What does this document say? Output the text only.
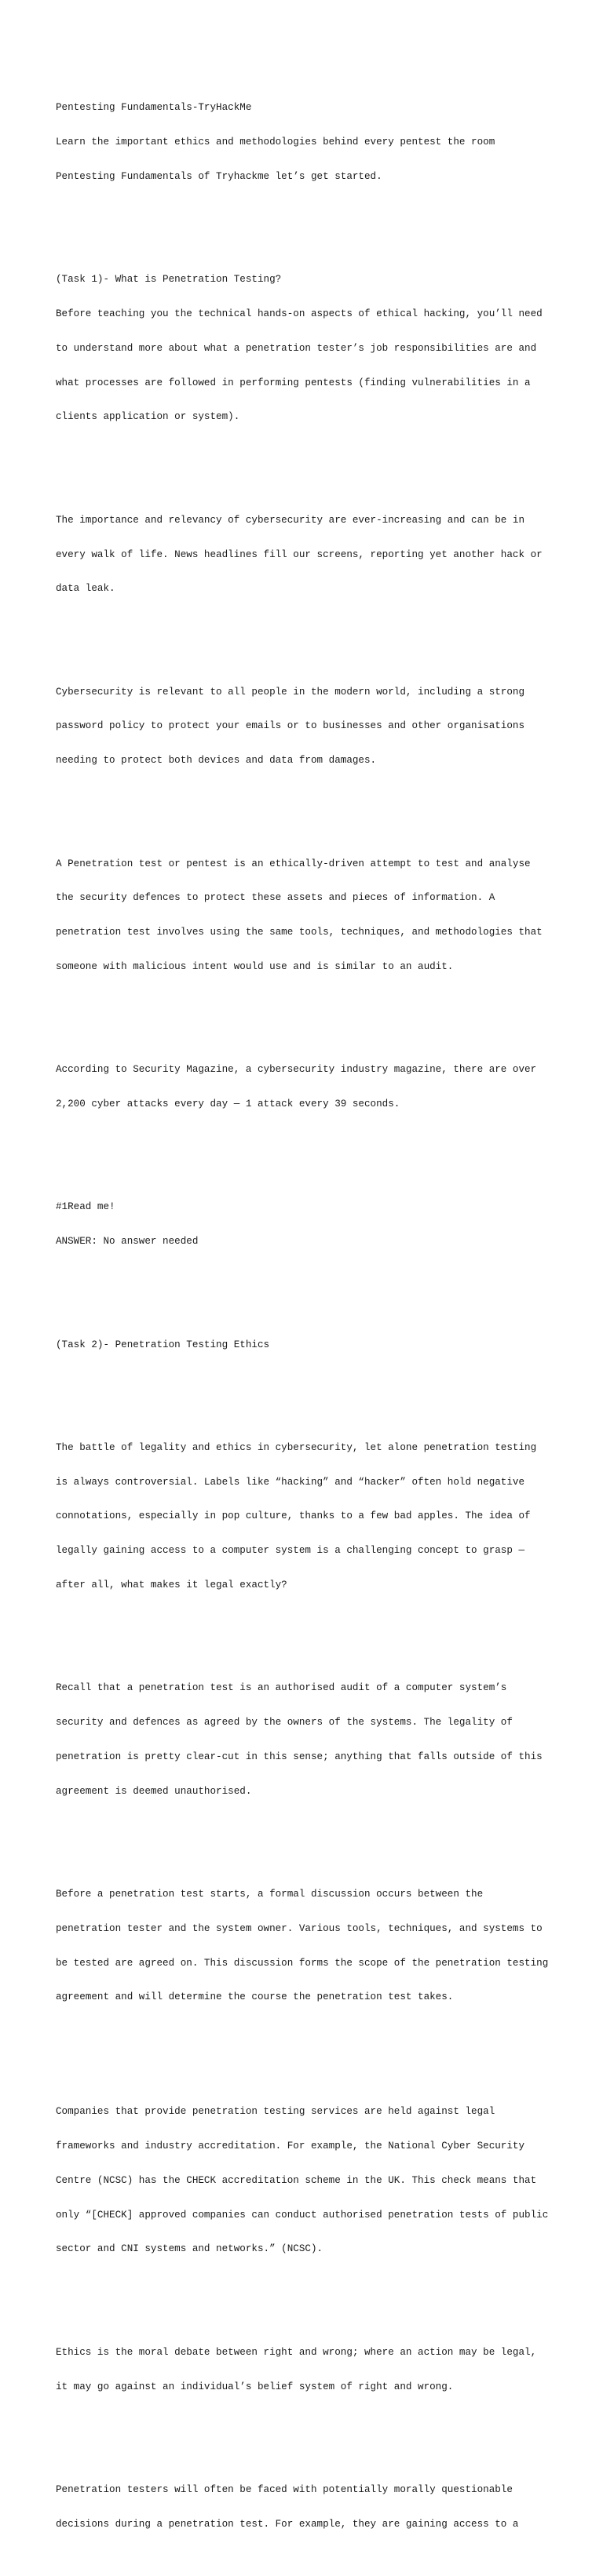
Pentesting Fundamentals-TryHackMe

Learn the important ethics and methodologies behind every pentest the room

Pentesting Fundamentals of Tryhackme let’s get started.

(Task 1)- What is Penetration Testing?

Before teaching you the technical hands-on aspects of ethical hacking, you’ll need

to understand more about what a penetration tester’s job responsibilities are and

what processes are followed in performing pentests (finding vulnerabilities in a

clients application or system).

The importance and relevancy of cybersecurity are ever-increasing and can be in

every walk of life. News headlines fill our screens, reporting yet another hack or

data leak.

Cybersecurity is relevant to all people in the modern world, including a strong

password policy to protect your emails or to businesses and other organisations

needing to protect both devices and data from damages.

A Penetration test or pentest is an ethically-driven attempt to test and analyse

the security defences to protect these assets and pieces of information. A

penetration test involves using the same tools, techniques, and methodologies that

someone with malicious intent would use and is similar to an audit.

According to Security Magazine, a cybersecurity industry magazine, there are over

2,200 cyber attacks every day — 1 attack every 39 seconds.

#1Read me!

ANSWER: No answer needed

(Task 2)- Penetration Testing Ethics

The battle of legality and ethics in cybersecurity, let alone penetration testing

is always controversial. Labels like “hacking” and “hacker” often hold negative

connotations, especially in pop culture, thanks to a few bad apples. The idea of

legally gaining access to a computer system is a challenging concept to grasp —

after all, what makes it legal exactly?

Recall that a penetration test is an authorised audit of a computer system’s

security and defences as agreed by the owners of the systems. The legality of

penetration is pretty clear-cut in this sense; anything that falls outside of this

agreement is deemed unauthorised.

Before a penetration test starts, a formal discussion occurs between the

penetration tester and the system owner. Various tools, techniques, and systems to

be tested are agreed on. This discussion forms the scope of the penetration testing

agreement and will determine the course the penetration test takes.

Companies that provide penetration testing services are held against legal

frameworks and industry accreditation. For example, the National Cyber Security

Centre (NCSC) has the CHECK accreditation scheme in the UK. This check means that

only “[CHECK] approved companies can conduct authorised penetration tests of public

sector and CNI systems and networks.” (NCSC).

Ethics is the moral debate between right and wrong; where an action may be legal,

it may go against an individual’s belief system of right and wrong.

Penetration testers will often be faced with potentially morally questionable

decisions during a penetration test. For example, they are gaining access to a
